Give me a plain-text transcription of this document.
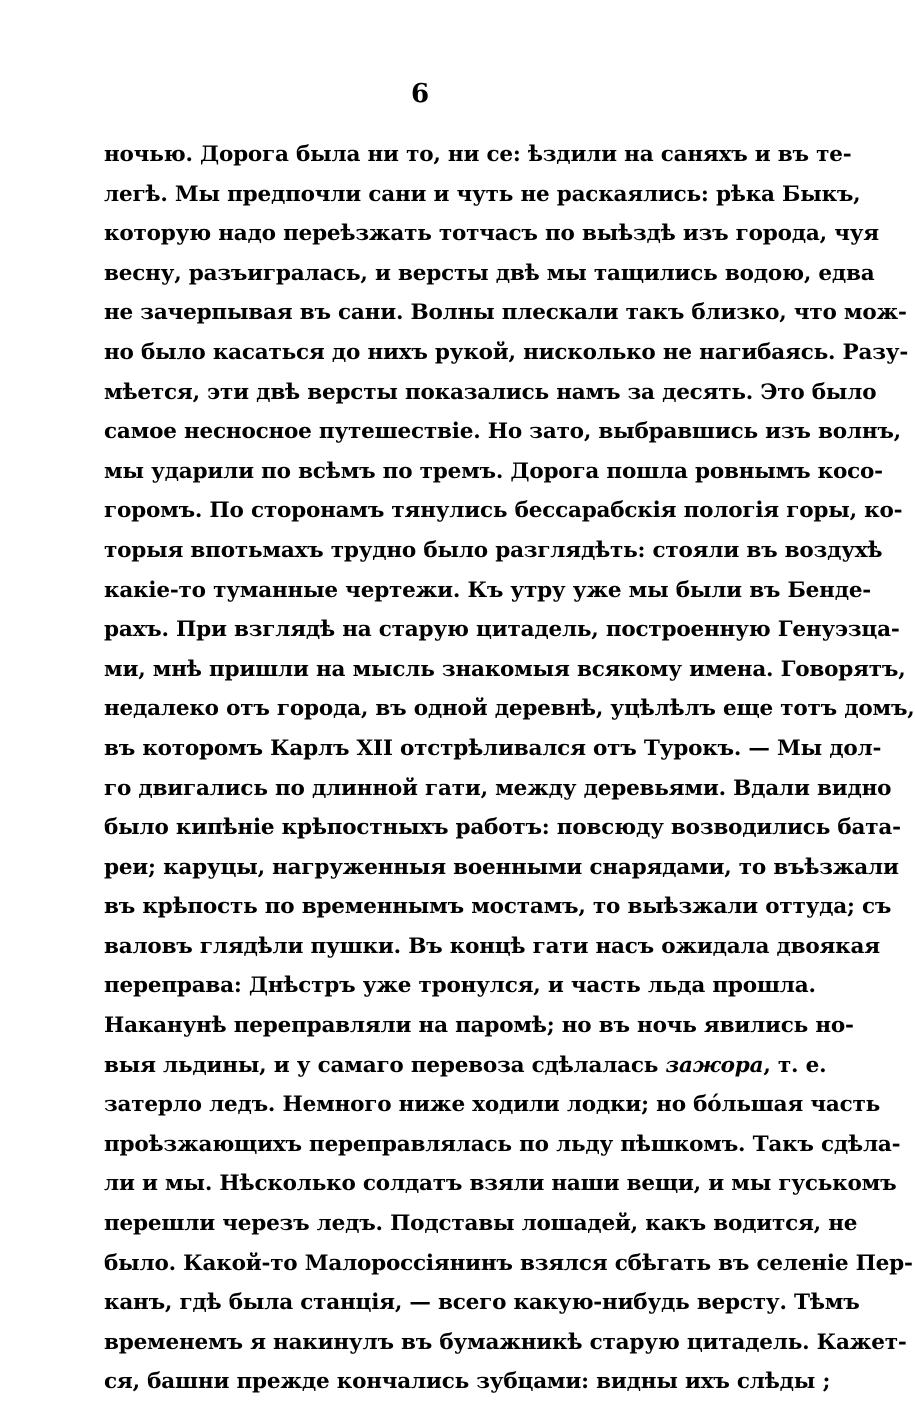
6
ночью. Дорога была ни то, ни се: ѣздили на саняхъ и въ те-
легѣ. Мы предпочли сани и чуть не раскаялись: рѣка Быкъ,
которую надо переѣзжать тотчасъ по выѣздѣ изъ города, чуя
весну, разъигралась, и версты двѣ мы тащились водою, едва
не зачерпывая въ сани. Волны плескали такъ близко, что мож-
но было касаться до нихъ рукой, нисколько не нагибаясь. Разу-
мѣется, эти двѣ версты показались намъ за десять. Это было
самое несносное путешествіе. Но зато, выбравшись изъ волнъ,
мы ударили по всѣмъ по тремъ. Дорога пошла ровнымъ косо-
горомъ. По сторонамъ тянулись бессарабскія пологія горы, ко-
торыя впотьмахъ трудно было разглядѣть: стояли въ воздухѣ
какіе-то туманные чертежи. Къ утру уже мы были въ Бенде-
рахъ. При взглядѣ на старую цитадель, построенную Генуэзца-
ми, мнѣ пришли на мысль знакомыя всякому имена. Говорятъ,
недалеко отъ города, въ одной деревнѣ, уцѣлѣлъ еще тотъ домъ,
въ которомъ Карлъ XII отстрѣливался отъ Турокъ. — Мы дол-
го двигались по длинной гати, между деревьями. Вдали видно
было кипѣніе крѣпостныхъ работъ: повсюду возводились бата-
реи; каруцы, нагруженныя военными снарядами, то въѣзжали
въ крѣпость по временнымъ мостамъ, то выѣзжали оттуда; съ
валовъ глядѣли пушки. Въ концѣ гати насъ ожидала двоякая
переправа: Днѣстръ уже тронулся, и часть льда прошла.
Наканунѣ переправляли на паромѣ; но въ ночь явились но-
выя льдины, и у самаго перевоза сдѣлалась зажора, т. е.
затерло ледъ. Немного ниже ходили лодки; но бо́льшая часть
проѣзжающихъ переправлялась по льду пѣшкомъ. Такъ сдѣла-
ли и мы. Нѣсколько солдатъ взяли наши вещи, и мы гуськомъ
перешли черезъ ледъ. Подставы лошадей, какъ водится, не
было. Какой-то Малороссіянинъ взялся сбѣгать въ селеніе Пер-
канъ, гдѣ была станція, — всего какую-нибудь версту. Тѣмъ
временемъ я накинулъ въ бумажникѣ старую цитадель. Кажет-
ся, башни прежде кончались зубцами: видны ихъ слѣды ;
